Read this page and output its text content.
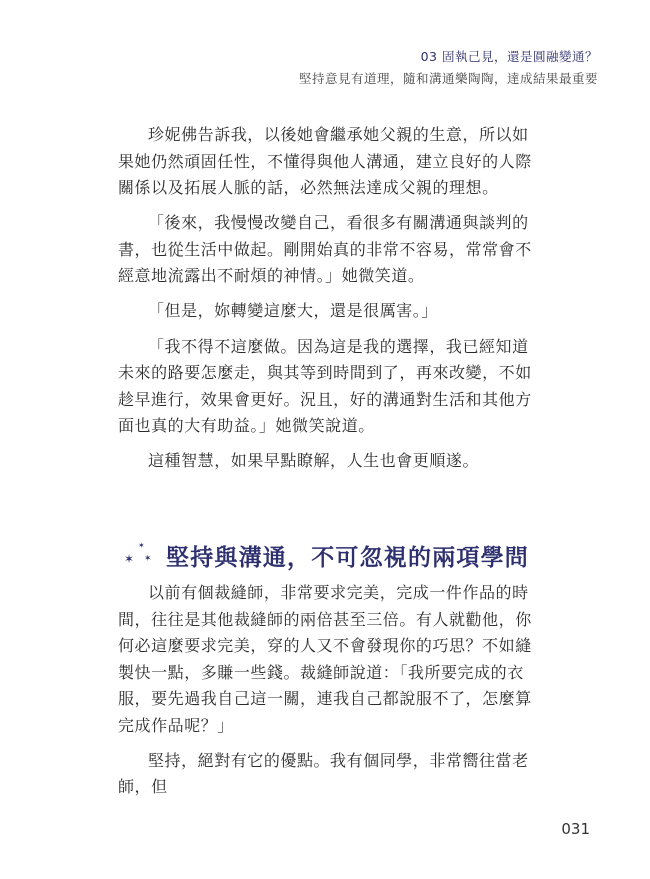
03 固執己見，還是圓融變通？
堅持意見有道理，隨和溝通樂陶陶，達成結果最重要

珍妮佛告訴我，以後她會繼承她父親的生意，所以如果她仍然頑固任性，不懂得與他人溝通，建立良好的人際關係以及拓展人脈的話，必然無法達成父親的理想。

「後來，我慢慢改變自己，看很多有關溝通與談判的書，也從生活中做起。剛開始真的非常不容易，常常會不經意地流露出不耐煩的神情。」她微笑道。

「但是，妳轉變這麼大，還是很厲害。」

「我不得不這麼做。因為這是我的選擇，我已經知道未來的路要怎麼走，與其等到時間到了，再來改變，不如趁早進行，效果會更好。況且，好的溝通對生活和其他方面也真的大有助益。」她微笑說道。

這種智慧，如果早點瞭解，人生也會更順遂。

✶
✶
✶ 堅持與溝通，不可忽視的兩項學問

以前有個裁縫師，非常要求完美，完成一件作品的時間，往往是其他裁縫師的兩倍甚至三倍。有人就勸他，你何必這麼要求完美，穿的人又不會發現你的巧思？不如縫製快一點，多賺一些錢。裁縫師說道：「我所要完成的衣服，要先過我自己這一關，連我自己都說服不了，怎麼算完成作品呢？」

堅持，絕對有它的優點。我有個同學，非常嚮往當老師，但

031
